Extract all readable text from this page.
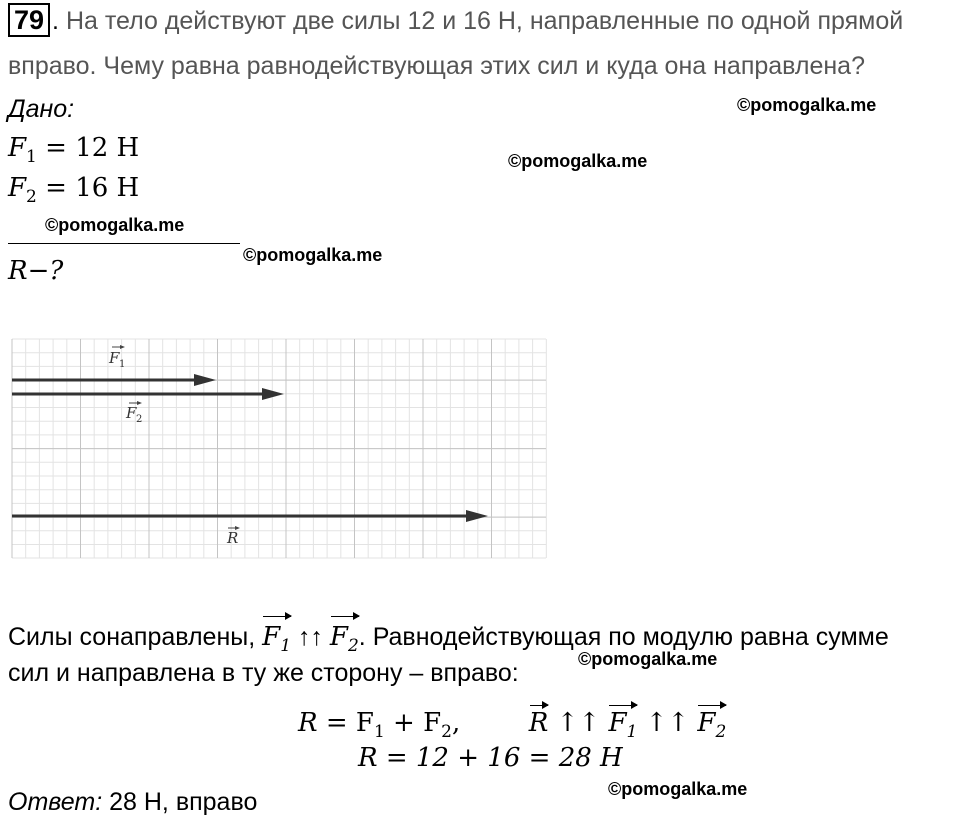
79 . На тело действуют две силы 12 и 16 Н, направленные по одной прямой
вправо. Чему равна равнодействующая этих сил и куда она направлена?
Дано:
$F_1 = 12$ Н
$F_2 = 16$ Н
R−?
©pomogalka.me
©pomogalka.me
©pomogalka.me
©pomogalka.me
©pomogalka.me
©pomogalka.me
F 1
F 2
R
Силы сонаправлены, $F_1$ ↑↑ $F_2$. Равнодействующая по модулю равна сумме
сил и направлена в ту же сторону – вправо:
$R = F_1 + F_2$,	R ↑↑ $F_1$ ↑↑ $F_2$
R = 12 + 16 = 28 Н
Ответ: 28 Н, вправо
